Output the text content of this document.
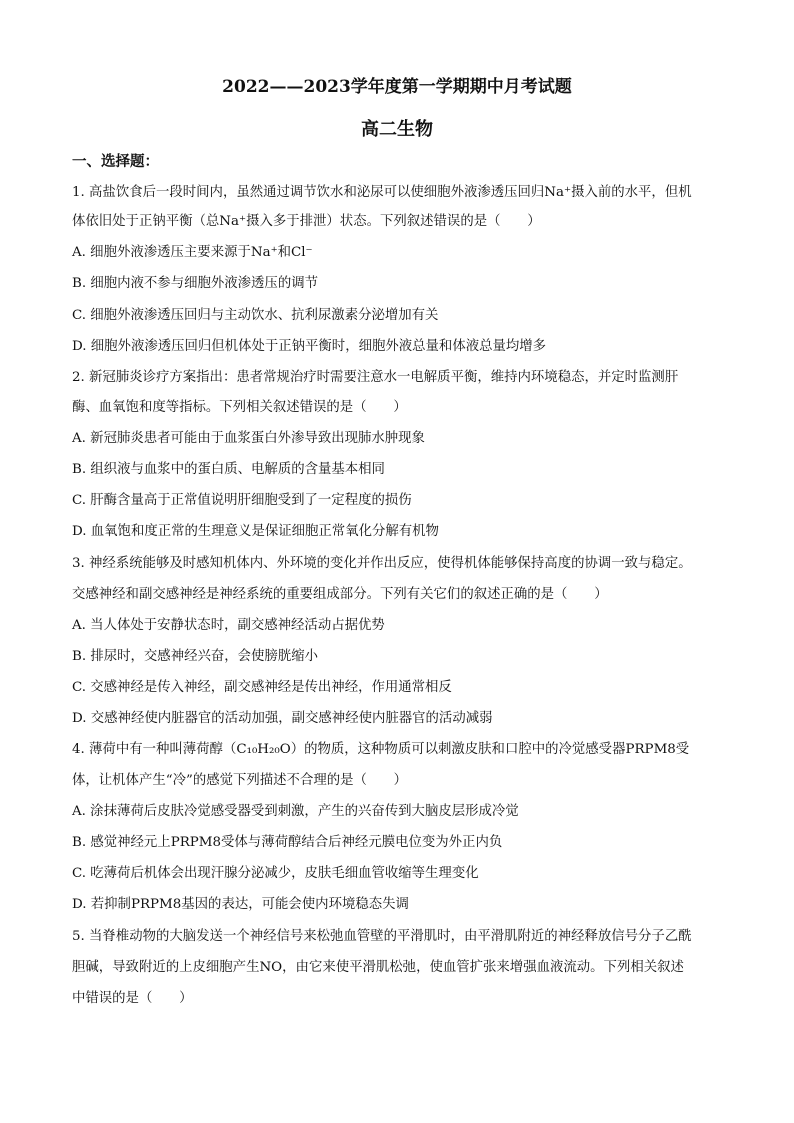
2022——2023学年度第一学期期中月考试题
高二生物
一、选择题：
1. 高盐饮食后一段时间内，虽然通过调节饮水和泌尿可以使细胞外液渗透压回归Na⁺摄入前的水平，但机
体依旧处于正钠平衡（总Na⁺摄入多于排泄）状态。下列叙述错误的是（　　）
A. 细胞外液渗透压主要来源于Na⁺和Cl⁻
B. 细胞内液不参与细胞外液渗透压的调节
C. 细胞外液渗透压回归与主动饮水、抗利尿激素分泌增加有关
D. 细胞外液渗透压回归但机体处于正钠平衡时，细胞外液总量和体液总量均增多
2. 新冠肺炎诊疗方案指出：患者常规治疗时需要注意水一电解质平衡，维持内环境稳态，并定时监测肝
酶、血氧饱和度等指标。下列相关叙述错误的是（　　）
A. 新冠肺炎患者可能由于血浆蛋白外渗导致出现肺水肿现象
B. 组织液与血浆中的蛋白质、电解质的含量基本相同
C. 肝酶含量高于正常值说明肝细胞受到了一定程度的损伤
D. 血氧饱和度正常的生理意义是保证细胞正常氧化分解有机物
3. 神经系统能够及时感知机体内、外环境的变化并作出反应，使得机体能够保持高度的协调一致与稳定。
交感神经和副交感神经是神经系统的重要组成部分。下列有关它们的叙述正确的是（　　）
A. 当人体处于安静状态时，副交感神经活动占据优势
B. 排尿时，交感神经兴奋，会使膀胱缩小
C. 交感神经是传入神经，副交感神经是传出神经，作用通常相反
D. 交感神经使内脏器官的活动加强，副交感神经使内脏器官的活动减弱
4. 薄荷中有一种叫薄荷醇（C₁₀H₂₀O）的物质，这种物质可以刺激皮肤和口腔中的冷觉感受器PRPM8受
体，让机体产生“冷”的感觉下列描述不合理的是（　　）
A. 涂抹薄荷后皮肤冷觉感受器受到刺激，产生的兴奋传到大脑皮层形成冷觉
B. 感觉神经元上PRPM8受体与薄荷醇结合后神经元膜电位变为外正内负
C. 吃薄荷后机体会出现汗腺分泌减少，皮肤毛细血管收缩等生理变化
D. 若抑制PRPM8基因的表达，可能会使内环境稳态失调
5. 当脊椎动物的大脑发送一个神经信号来松弛血管壁的平滑肌时，由平滑肌附近的神经释放信号分子乙酰
胆碱，导致附近的上皮细胞产生NO，由它来使平滑肌松弛，使血管扩张来增强血液流动。下列相关叙述
中错误的是（　　）
